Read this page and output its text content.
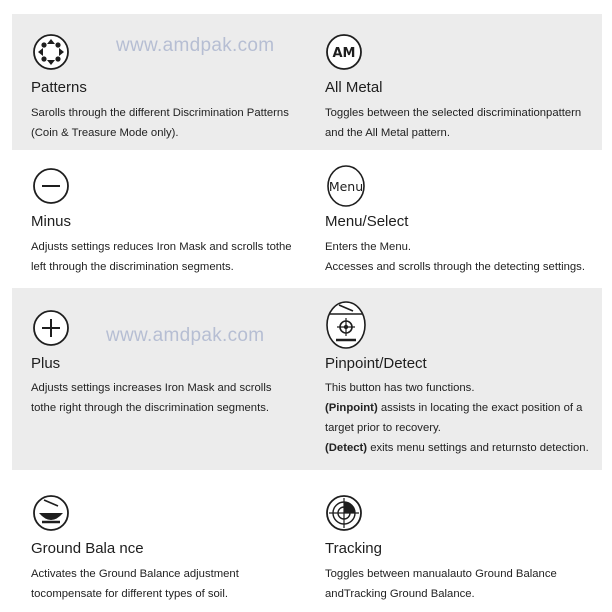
www.amdpak.com
www.amdpak.com
Patterns
Sarolls through the different Discrimination Patterns
(Coin & Treasure Mode only).
AM
All Metal
Toggles between the selected discriminationpattern
and the All Metal pattern.
Minus
Adjusts settings reduces Iron Mask and scrolls tothe
left through the discrimination segments.
Menu
Menu/Select
Enters the Menu.
Accesses and scrolls through the detecting settings.
Plus
Adjusts settings increases Iron Mask and scrolls
tothe right through the discrimination segments.
Pinpoint/Detect
This button has two functions.
(Pinpoint) assists in locating the exact position of a
target prior to recovery.
(Detect) exits menu settings and returnsto detection.
Ground Bala nce
Activates the Ground Balance adjustment
tocompensate for different types of soil.
Tracking
Toggles between manualauto Ground Balance
andTracking Ground Balance.
